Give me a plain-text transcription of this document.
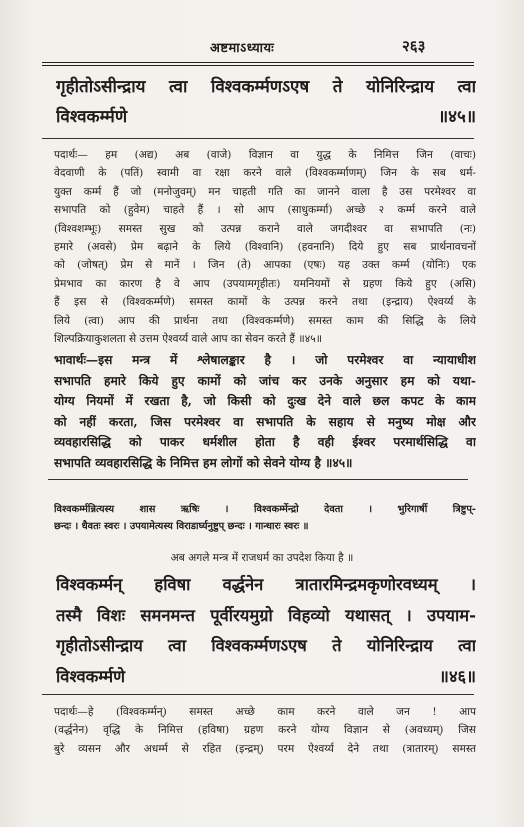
अष्टमाऽध्यायः	२६३
गृहीतोऽसीन्द्राय त्वा विश्वकर्म्मणऽएष ते योनिरिन्द्राय त्वा
विश्वकर्म्मणे ॥४५॥
पदार्थः— हम (अद्य) अब (वाजे) विज्ञान वा युद्ध के निमित्त जिन (वाचः)
वेदवाणी के (पतिं) स्वामी वा रक्षा करने वाले (विश्वकर्म्माणम्) जिन के सब धर्म-
युक्त कर्म्म हैं जो (मनोजुवम्) मन चाहती गति का जानने वाला है उस परमेश्वर वा
सभापति को (हुवेम) चाहते हैं । सो आप (साधुकर्म्मा) अच्छे २ कर्म्म करने वाले
(विश्वशम्भूः) समस्त सुख को उत्पन्न कराने वाले जगदीश्वर वा सभापति (नः)
हमारे (अवसे) प्रेम बढ़ाने के लिये (विश्वानि) (हवनानि) दिये हुए सब प्रार्थनावचनों
को (जोषत्) प्रेम से मानें । जिन (ते) आपका (एषः) यह उक्त कर्म्म (योनिः) एक
प्रेमभाव का कारण है वे आप (उपयामगृहीतः) यमनियमों से ग्रहण किये हुए (असि)
हैं इस से (विश्वकर्म्मणे) समस्त कामों के उत्पन्न करने तथा (इन्द्राय) ऐश्वर्य्य के
लिये (त्वा) आप की प्रार्थना तथा (विश्वकर्म्मणे) समस्त काम की सिद्धि के लिये
शिल्पक्रियाकुशलता से उत्तम ऐश्वर्य्य वाले आप का सेवन करते हैं ॥४५॥
भावार्थः—इस मन्त्र में श्लेषालङ्कार है । जो परमेश्वर वा न्यायाधीश
सभापति हमारे किये हुए कामों को जांच कर उनके अनुसार हम को यथा-
योग्य नियमों में रखता है, जो किसी को दुःख देने वाले छल कपट के काम
को नहीं करता, जिस परमेश्वर वा सभापति के सहाय से मनुष्य मोक्ष और
व्यवहारसिद्धि को पाकर धर्मशील होता है वही ईश्वर परमार्थसिद्धि वा
सभापति व्यवहारसिद्धि के निमित्त हम लोगों को सेवने योग्य है ॥४५॥
विश्वकर्म्मन्नित्यस्य शास ऋषिः । विश्वकर्म्मेन्द्रो देवता । भुरिगार्षी त्रिष्टुप्-
छन्दः । धैवतः स्वरः । उपयामेत्यस्य विराडार्घ्यनुष्टुप् छन्दः । गान्धारः स्वरः ॥
अब अगले मन्त्र में राजधर्म का उपदेश किया है ॥
विश्वकर्म्मन् हविषा वर्द्धनेन त्रातारमिन्द्रमकृणोरवध्यम् ।
तस्मै विशः समनमन्त पूर्वीरयमुग्रो विहव्यो यथासत् । उपयाम-
गृहीतोऽसीन्द्राय त्वा विश्वकर्म्मणऽएष ते योनिरिन्द्राय त्वा
विश्वकर्म्मणे ॥४६॥
पदार्थः—हे (विश्वकर्म्मन्) समस्त अच्छे काम करने वाले जन ! आप
(वर्द्धनेन) वृद्धि के निमित्त (हविषा) ग्रहण करने योग्य विज्ञान से (अवध्यम्) जिस
बुरे व्यसन और अधर्म्म से रहित (इन्द्रम्) परम ऐश्वर्य्य देने तथा (त्रातारम्) समस्त
